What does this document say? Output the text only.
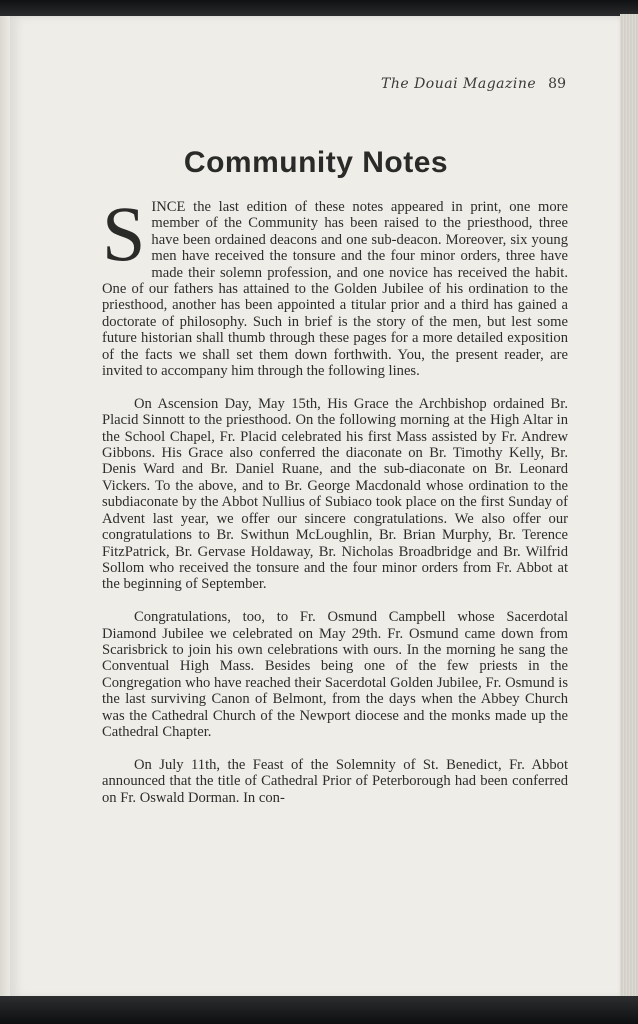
The Douai Magazine 89
Community Notes

SINCE the last edition of these notes appeared in print, one more member of the Community has been raised to the priesthood, three have been ordained deacons and one sub-deacon. Moreover, six young men have received the tonsure and the four minor orders, three have made their solemn profession, and one novice has received the habit. One of our fathers has attained to the Golden Jubilee of his ordination to the priesthood, another has been appointed a titular prior and a third has gained a doctorate of philosophy. Such in brief is the story of the men, but lest some future historian shall thumb through these pages for a more detailed exposition of the facts we shall set them down forthwith. You, the present reader, are invited to accompany him through the following lines.

On Ascension Day, May 15th, His Grace the Archbishop ordained Br. Placid Sinnott to the priesthood. On the following morning at the High Altar in the School Chapel, Fr. Placid celebrated his first Mass assisted by Fr. Andrew Gibbons. His Grace also conferred the diaconate on Br. Timothy Kelly, Br. Denis Ward and Br. Daniel Ruane, and the sub-diaconate on Br. Leonard Vickers. To the above, and to Br. George Macdonald whose ordination to the subdiaconate by the Abbot Nullius of Subiaco took place on the first Sunday of Advent last year, we offer our sincere congratulations. We also offer our congratulations to Br. Swithun McLoughlin, Br. Brian Murphy, Br. Terence FitzPatrick, Br. Gervase Holdaway, Br. Nicholas Broadbridge and Br. Wilfrid Sollom who received the tonsure and the four minor orders from Fr. Abbot at the beginning of September.

Congratulations, too, to Fr. Osmund Campbell whose Sacerdotal Diamond Jubilee we celebrated on May 29th. Fr. Osmund came down from Scarisbrick to join his own celebrations with ours. In the morning he sang the Conventual High Mass. Besides being one of the few priests in the Congregation who have reached their Sacerdotal Golden Jubilee, Fr. Osmund is the last surviving Canon of Belmont, from the days when the Abbey Church was the Cathedral Church of the Newport diocese and the monks made up the Cathedral Chapter.

On July 11th, the Feast of the Solemnity of St. Benedict, Fr. Abbot announced that the title of Cathedral Prior of Peterborough had been conferred on Fr. Oswald Dorman. In con-
